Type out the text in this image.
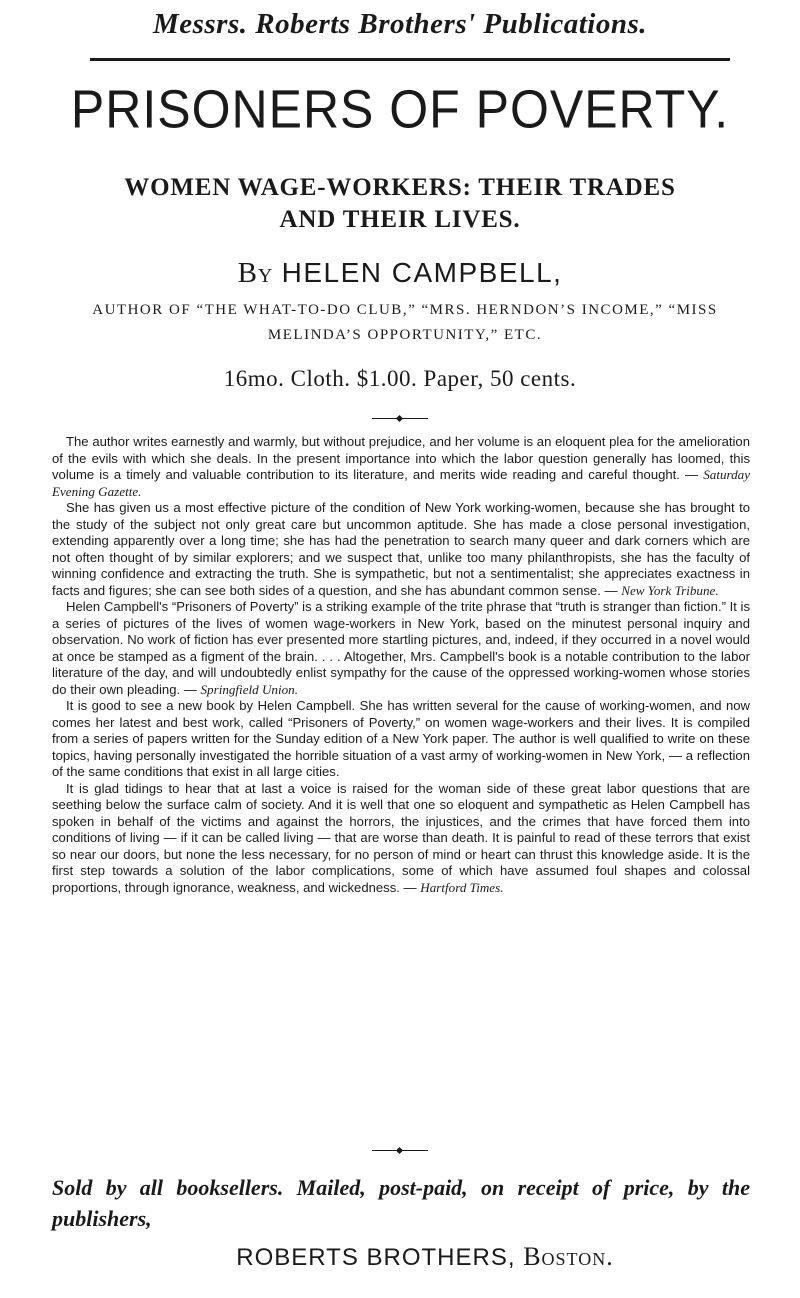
Messrs. Roberts Brothers' Publications.
PRISONERS OF POVERTY.
WOMEN WAGE-WORKERS: THEIR TRADES AND THEIR LIVES.
By HELEN CAMPBELL,
AUTHOR OF “THE WHAT-TO-DO CLUB,” “MRS. HERNDON’S INCOME,” “MISS MELINDA’S OPPORTUNITY,” ETC.
16mo. Cloth. $1.00. Paper, 50 cents.

The author writes earnestly and warmly, but without prejudice, and her volume is an eloquent plea for the amelioration of the evils with which she deals. In the present importance into which the labor question generally has loomed, this volume is a timely and valuable contribution to its literature, and merits wide reading and careful thought. — Saturday Evening Gazette.

She has given us a most effective picture of the condition of New York working-women, because she has brought to the study of the subject not only great care but uncommon aptitude. She has made a close personal investigation, extending apparently over a long time; she has had the penetration to search many queer and dark corners which are not often thought of by similar explorers; and we suspect that, unlike too many philanthropists, she has the faculty of winning confidence and extracting the truth. She is sympathetic, but not a sentimentalist; she appreciates exactness in facts and figures; she can see both sides of a question, and she has abundant common sense. — New York Tribune.

Helen Campbell's “Prisoners of Poverty” is a striking example of the trite phrase that “truth is stranger than fiction.” It is a series of pictures of the lives of women wage-workers in New York, based on the minutest personal inquiry and observation. No work of fiction has ever presented more startling pictures, and, indeed, if they occurred in a novel would at once be stamped as a figment of the brain. . . . Altogether, Mrs. Campbell's book is a notable contribution to the labor literature of the day, and will undoubtedly enlist sympathy for the cause of the oppressed working-women whose stories do their own pleading. — Springfield Union.

It is good to see a new book by Helen Campbell. She has written several for the cause of working-women, and now comes her latest and best work, called “Prisoners of Poverty,” on women wage-workers and their lives. It is compiled from a series of papers written for the Sunday edition of a New York paper. The author is well qualified to write on these topics, having personally investigated the horrible situation of a vast army of working-women in New York, — a reflection of the same conditions that exist in all large cities.

It is glad tidings to hear that at last a voice is raised for the woman side of these great labor questions that are seething below the surface calm of society. And it is well that one so eloquent and sympathetic as Helen Campbell has spoken in behalf of the victims and against the horrors, the injustices, and the crimes that have forced them into conditions of living — if it can be called living — that are worse than death. It is painful to read of these terrors that exist so near our doors, but none the less necessary, for no person of mind or heart can thrust this knowledge aside. It is the first step towards a solution of the labor complications, some of which have assumed foul shapes and colossal proportions, through ignorance, weakness, and wickedness. — Hartford Times.

Sold by all booksellers. Mailed, post-paid, on receipt of price, by the publishers,
ROBERTS BROTHERS, Boston.
